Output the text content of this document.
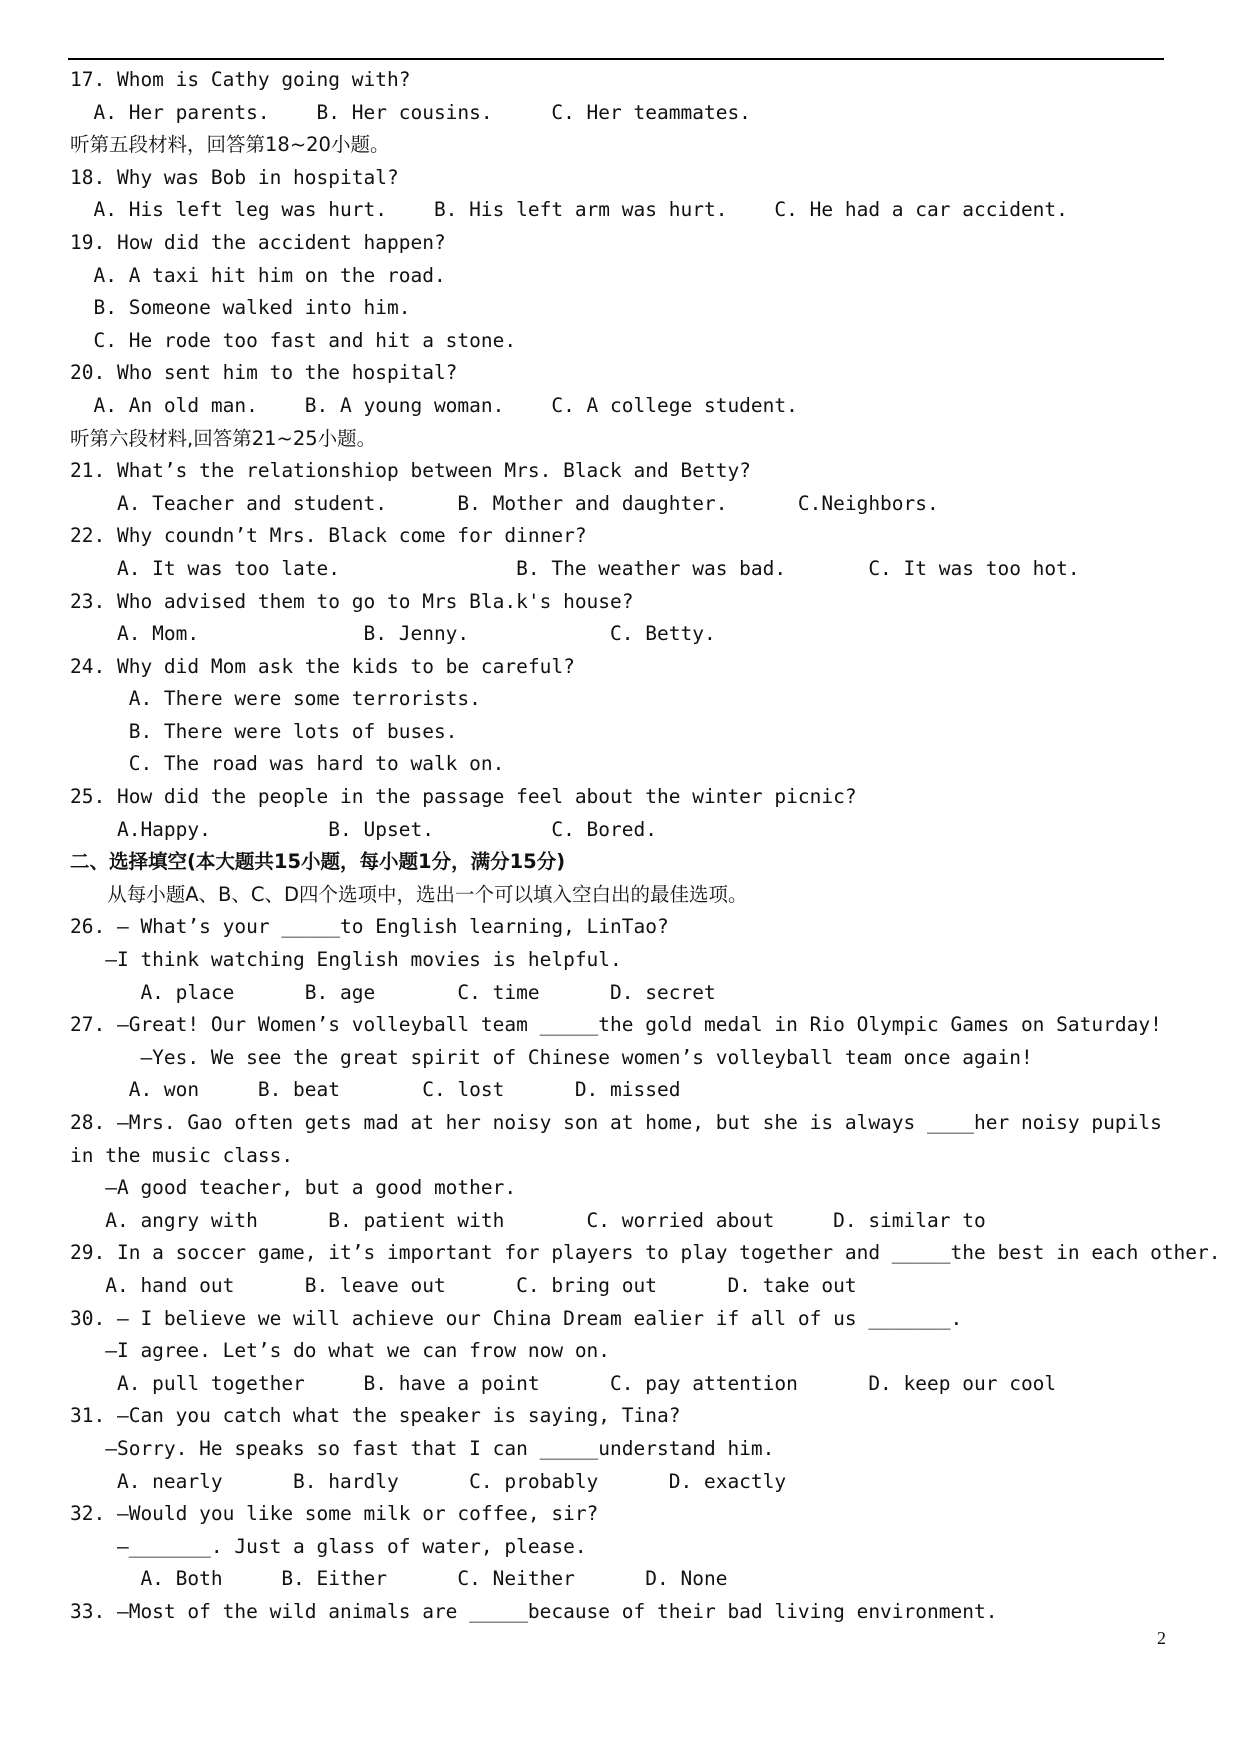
17. Whom is Cathy going with?
A. Her parents.    B. Her cousins.     C. Her teammates.
听第五段材料，回答第18~20小题。
18. Why was Bob in hospital?
A. His left leg was hurt.    B. His left arm was hurt.    C. He had a car accident.
19. How did the accident happen?
A. A taxi hit him on the road.
B. Someone walked into him.
C. He rode too fast and hit a stone.
20. Who sent him to the hospital?
A. An old man.    B. A young woman.    C. A college student.
听第六段材料,回答第21~25小题。
21. What’s the relationshiop between Mrs. Black and Betty?
A. Teacher and student.      B. Mother and daughter.      C.Neighbors.
22. Why coundn’t Mrs. Black come for dinner?
A. It was too late.               B. The weather was bad.       C. It was too hot.
23. Who advised them to go to Mrs Bla.k's house?
A. Mom.              B. Jenny.            C. Betty.
24. Why did Mom ask the kids to be careful?
A. There were some terrorists.
B. There were lots of buses.
C. The road was hard to walk on.
25. How did the people in the passage feel about the winter picnic?
A.Happy.          B. Upset.          C. Bored.
二、选择填空(本大题共15小题，每小题1分，满分15分)
从每小题A、B、C、D四个选项中，选出一个可以填入空白出的最佳选项。
26. — What’s your _____to English learning, LinTao?
—I think watching English movies is helpful.
A. place      B. age       C. time      D. secret
27. —Great! Our Women’s volleyball team _____the gold medal in Rio Olympic Games on Saturday!
—Yes. We see the great spirit of Chinese women’s volleyball team once again!
A. won     B. beat       C. lost      D. missed
28. —Mrs. Gao often gets mad at her noisy son at home, but she is always ____her noisy pupils in the music class.
—A good teacher, but a good mother.
A. angry with      B. patient with       C. worried about     D. similar to
29. In a soccer game, it’s important for players to play together and _____the best in each other.
A. hand out      B. leave out      C. bring out      D. take out
30. — I believe we will achieve our China Dream ealier if all of us _______.
—I agree. Let’s do what we can frow now on.
A. pull together     B. have a point      C. pay attention      D. keep our cool
31. —Can you catch what the speaker is saying, Tina?
—Sorry. He speaks so fast that I can _____understand him.
A. nearly      B. hardly      C. probably      D. exactly
32. —Would you like some milk or coffee, sir?
—_______. Just a glass of water, please.
A. Both     B. Either      C. Neither      D. None
33. —Most of the wild animals are _____because of their bad living environment.
2
